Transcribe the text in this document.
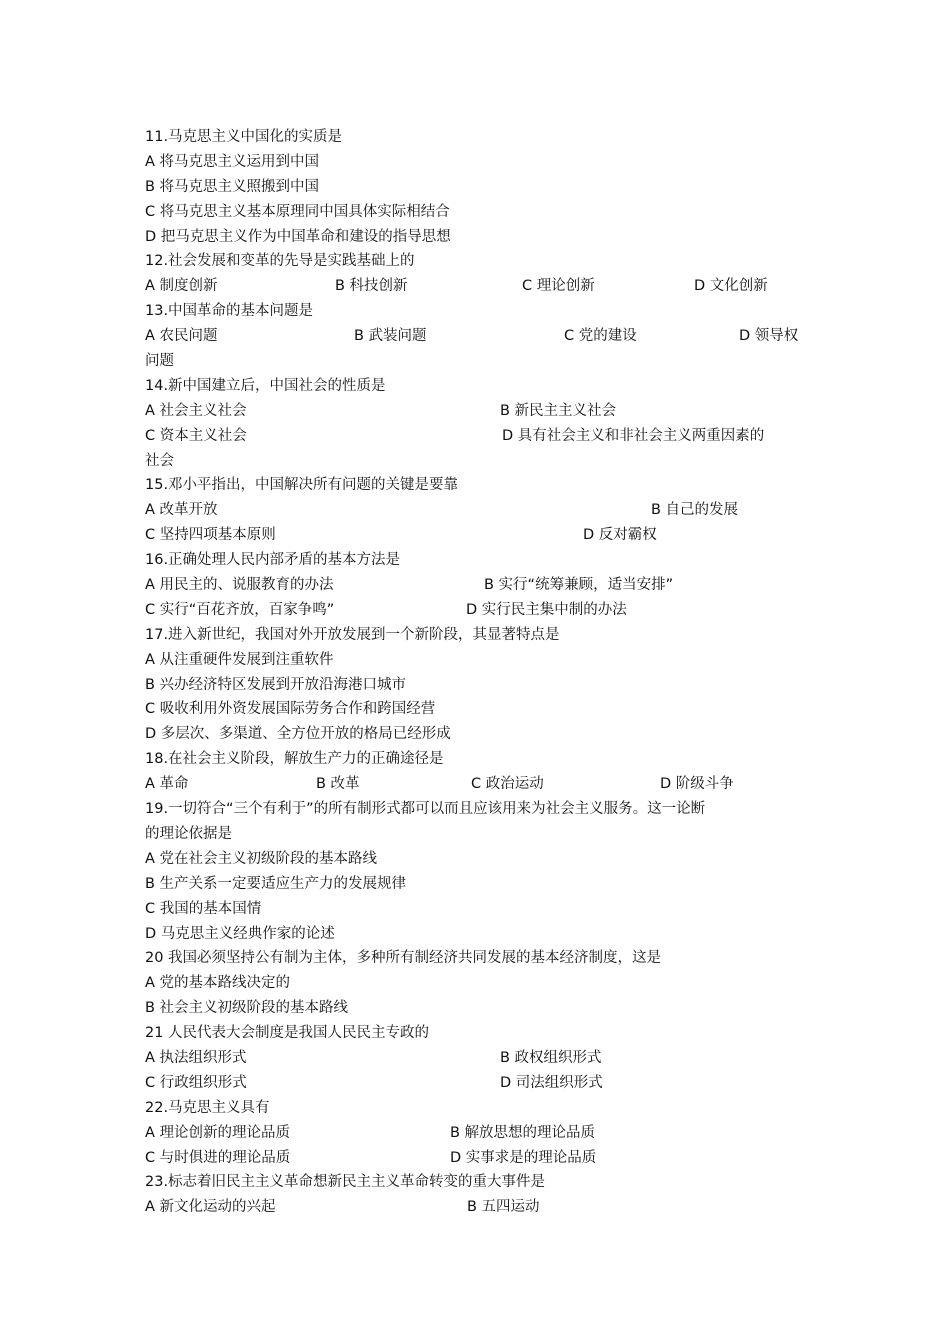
11.马克思主义中国化的实质是
A 将马克思主义运用到中国
B 将马克思主义照搬到中国
C 将马克思主义基本原理同中国具体实际相结合
D 把马克思主义作为中国革命和建设的指导思想
12.社会发展和变革的先导是实践基础上的
A 制度创新	B 科技创新	C 理论创新	D 文化创新
13.中国革命的基本问题是
A 农民问题	B 武装问题	C 党的建设	D 领导权
问题
14.新中国建立后，中国社会的性质是
A 社会主义社会	B 新民主主义社会
C 资本主义社会	D 具有社会主义和非社会主义两重因素的
社会
15.邓小平指出，中国解决所有问题的关键是要靠
A 改革开放	B 自己的发展
C 坚持四项基本原则	D 反对霸权
16.正确处理人民内部矛盾的基本方法是
A 用民主的、说服教育的办法	B 实行“统筹兼顾，适当安排”
C 实行“百花齐放，百家争鸣”	D 实行民主集中制的办法
17.进入新世纪，我国对外开放发展到一个新阶段，其显著特点是
A 从注重硬件发展到注重软件
B 兴办经济特区发展到开放沿海港口城市
C 吸收利用外资发展国际劳务合作和跨国经营
D 多层次、多渠道、全方位开放的格局已经形成
18.在社会主义阶段，解放生产力的正确途径是
A 革命	B 改革	C 政治运动	D 阶级斗争
19.一切符合“三个有利于”的所有制形式都可以而且应该用来为社会主义服务。这一论断
的理论依据是
A 党在社会主义初级阶段的基本路线
B 生产关系一定要适应生产力的发展规律
C 我国的基本国情
D 马克思主义经典作家的论述
20 我国必须坚持公有制为主体，多种所有制经济共同发展的基本经济制度，这是
A 党的基本路线决定的
B 社会主义初级阶段的基本路线
21 人民代表大会制度是我国人民民主专政的
A 执法组织形式	B 政权组织形式
C 行政组织形式	D 司法组织形式
22.马克思主义具有
A 理论创新的理论品质	B 解放思想的理论品质
C 与时俱进的理论品质	D 实事求是的理论品质
23.标志着旧民主主义革命想新民主主义革命转变的重大事件是
A 新文化运动的兴起	B 五四运动
